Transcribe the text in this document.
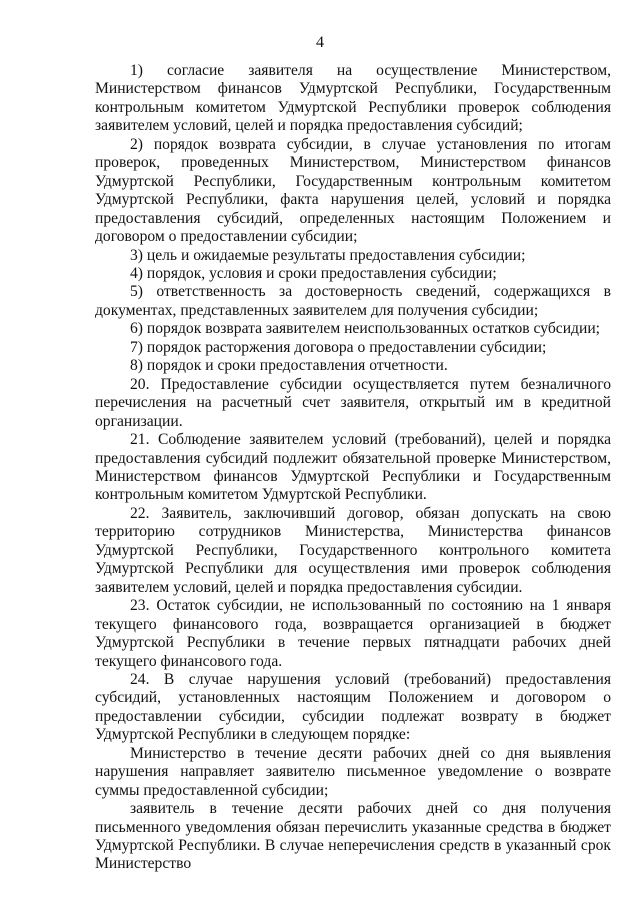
4

1) согласие заявителя на осуществление Министерством, Министерством финансов Удмуртской Республики, Государственным контрольным комитетом Удмуртской Республики проверок соблюдения заявителем условий, целей и порядка предоставления субсидий;

2) порядок возврата субсидии, в случае установления по итогам проверок, проведенных Министерством, Министерством финансов Удмуртской Республики, Государственным контрольным комитетом Удмуртской Республики, факта нарушения целей, условий и порядка предоставления субсидий, определенных настоящим Положением и договором о предоставлении субсидии;

3) цель и ожидаемые результаты предоставления субсидии;

4) порядок, условия и сроки предоставления субсидии;

5) ответственность за достоверность сведений, содержащихся в документах, представленных заявителем для получения субсидии;

6) порядок возврата заявителем неиспользованных остатков субсидии;

7) порядок расторжения договора о предоставлении субсидии;

8) порядок и сроки предоставления отчетности.

20. Предоставление субсидии осуществляется путем безналичного перечисления на расчетный счет заявителя, открытый им в кредитной организации.

21. Соблюдение заявителем условий (требований), целей и порядка предоставления субсидий подлежит обязательной проверке Министерством, Министерством финансов Удмуртской Республики и Государственным контрольным комитетом Удмуртской Республики.

22. Заявитель, заключивший договор, обязан допускать на свою территорию сотрудников Министерства, Министерства финансов Удмуртской Республики, Государственного контрольного комитета Удмуртской Республики для осуществления ими проверок соблюдения заявителем условий, целей и порядка предоставления субсидии.

23. Остаток субсидии, не использованный по состоянию на 1 января текущего финансового года, возвращается организацией в бюджет Удмуртской Республики в течение первых пятнадцати рабочих дней текущего финансового года.

24. В случае нарушения условий (требований) предоставления субсидий, установленных настоящим Положением и договором о предоставлении субсидии, субсидии подлежат возврату в бюджет Удмуртской Республики в следующем порядке:

Министерство в течение десяти рабочих дней со дня выявления нарушения направляет заявителю письменное уведомление о возврате суммы предоставленной субсидии;

заявитель в течение десяти рабочих дней со дня получения письменного уведомления обязан перечислить указанные средства в бюджет Удмуртской Республики. В случае неперечисления средств в указанный срок Министерство
